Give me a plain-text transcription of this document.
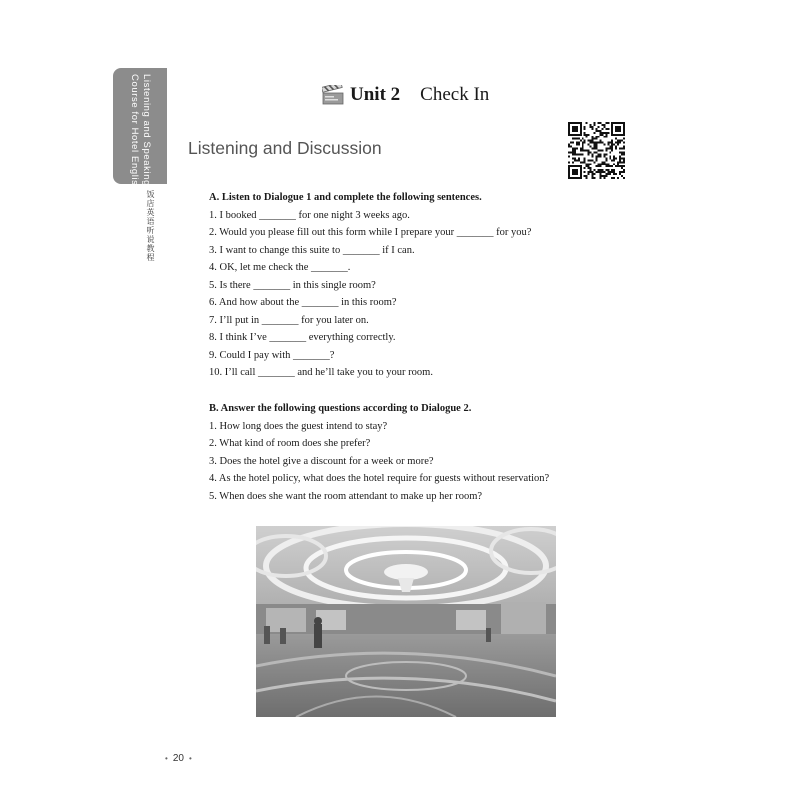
Listening and Speaking
Course for Hotel English
饭店英语听说教程
Unit 2 Check In
Listening and Discussion
A. Listen to Dialogue 1 and complete the following sentences.
1. I booked _______ for one night 3 weeks ago.
2. Would you please fill out this form while I prepare your _______ for you?
3. I want to change this suite to _______ if I can.
4. OK, let me check the _______.
5. Is there _______ in this single room?
6. And how about the _______ in this room?
7. I’ll put in _______ for you later on.
8. I think I’ve _______ everything correctly.
9. Could I pay with _______?
10. I’ll call _______ and he’ll take you to your room.
B. Answer the following questions according to Dialogue 2.
1. How long does the guest intend to stay?
2. What kind of room does she prefer?
3. Does the hotel give a discount for a week or more?
4. As the hotel policy, what does the hotel require for guests without reservation?
5. When does she want the room attendant to make up her room?
• 20 •
